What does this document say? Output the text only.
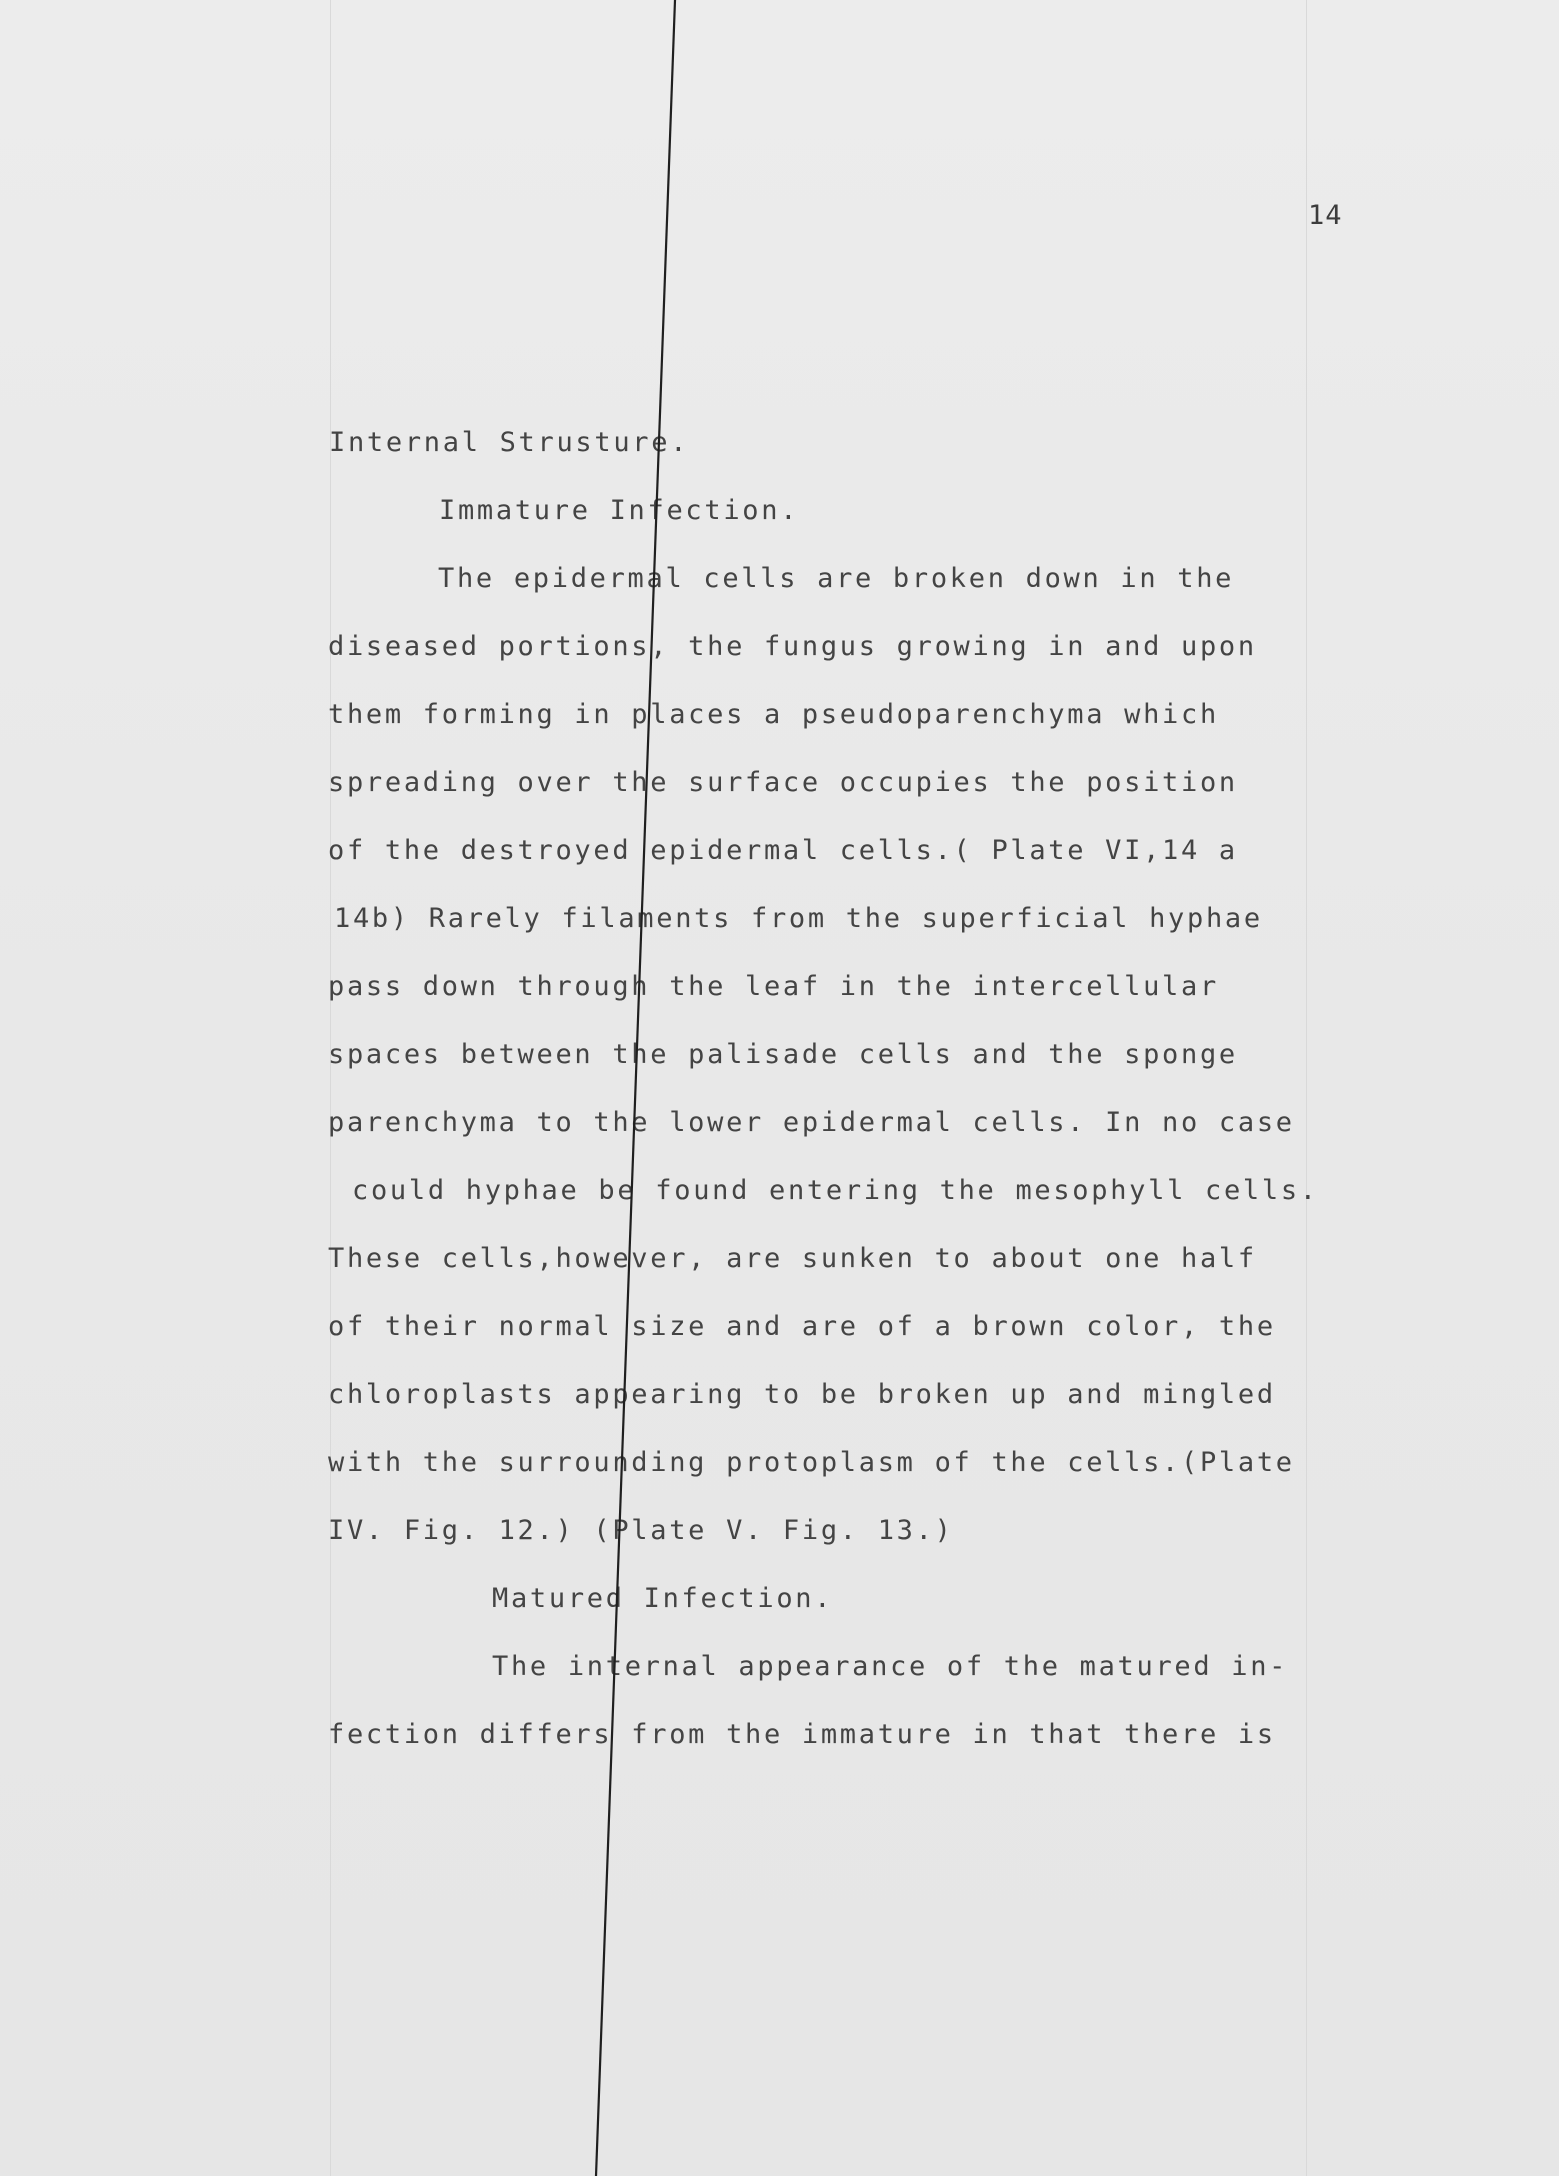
14
Internal Strusture.
Immature Infection.
The epidermal cells are broken down in the
diseased portions, the fungus growing in and upon
them forming in places a pseudoparenchyma which
spreading over the surface occupies the position
of the destroyed epidermal cells.( Plate VI,14 a
14b) Rarely filaments from the superficial hyphae
pass down through the leaf in the intercellular
spaces between the palisade cells and the sponge
parenchyma to the lower epidermal cells. In no case
could hyphae be found entering the mesophyll cells.
These cells,however, are sunken to about one half
of their normal size and are of a brown color, the
chloroplasts appearing to be broken up and mingled
with the surrounding protoplasm of the cells.(Plate
IV. Fig. 12.) (Plate V. Fig. 13.)
Matured Infection.
The internal appearance of the matured in-
fection differs from the immature in that there is
